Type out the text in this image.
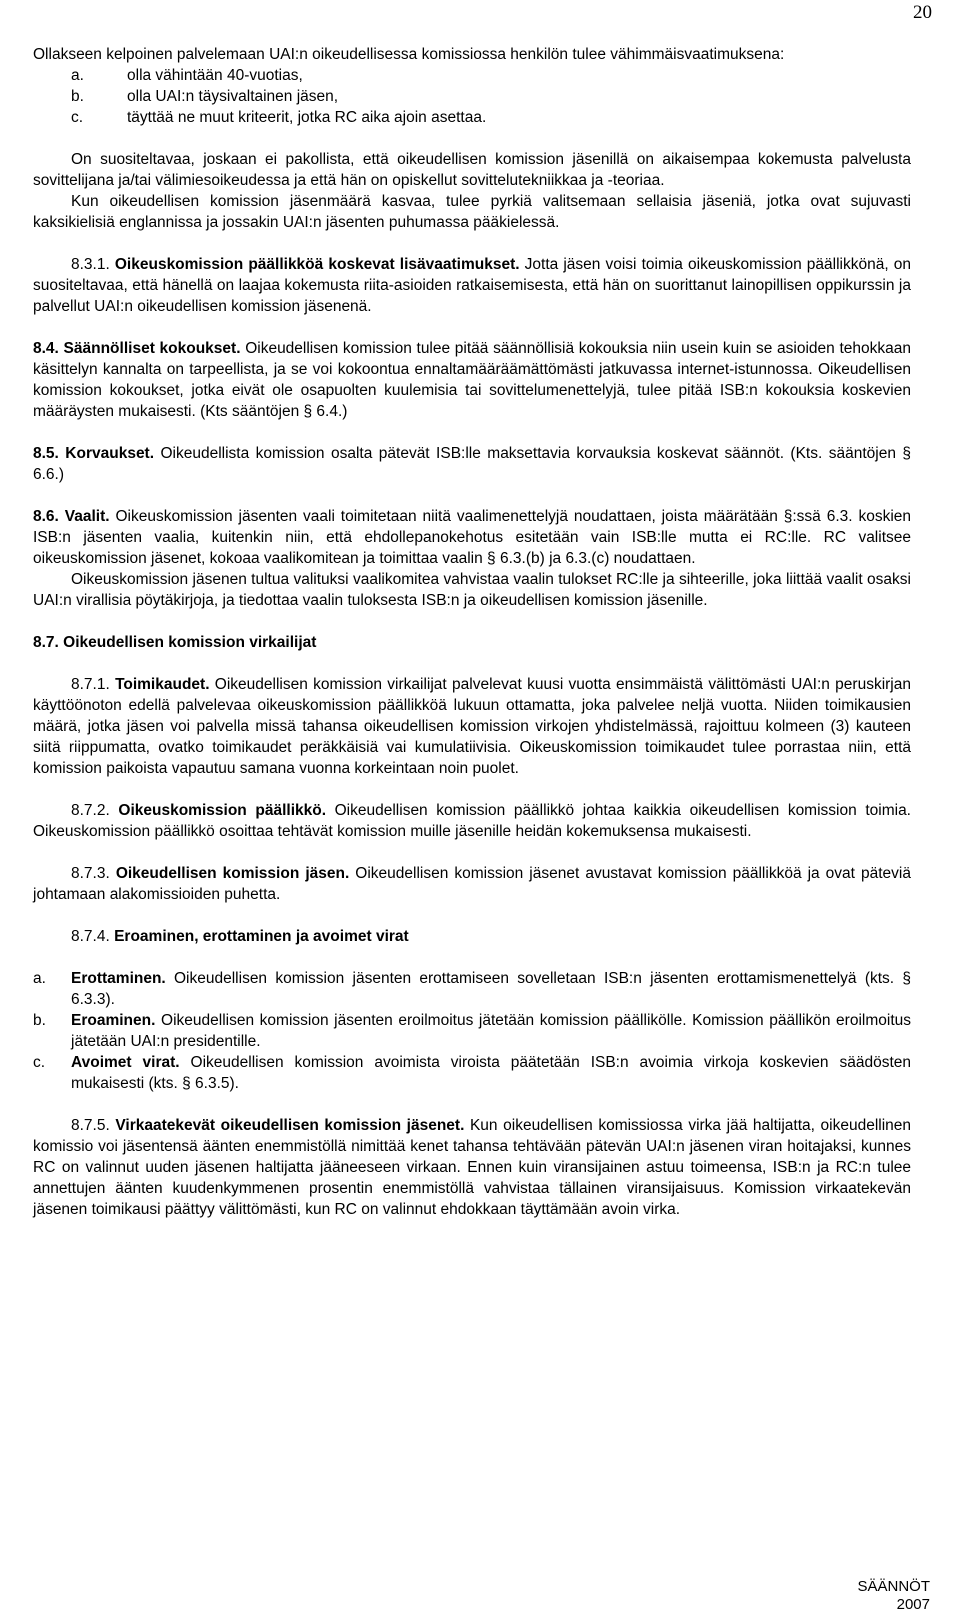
20

Ollakseen kelpoinen palvelemaan UAI:n oikeudellisessa komissiossa henkilön tulee vähimmäisvaatimuksena:

a.	olla vähintään 40-vuotias,
b.	olla UAI:n täysivaltainen jäsen,
c.	täyttää ne muut kriteerit, jotka RC aika ajoin asettaa.

On suositeltavaa, joskaan ei pakollista, että oikeudellisen komission jäsenillä on aikaisempaa kokemusta palvelusta sovittelijana ja/tai välimiesoikeudessa ja että hän on opiskellut sovittelutekniikkaa ja -teoriaa.

Kun oikeudellisen komission jäsenmäärä kasvaa, tulee pyrkiä valitsemaan sellaisia jäseniä, jotka ovat sujuvasti kaksikielisiä englannissa ja jossakin UAI:n jäsenten puhumassa pääkielessä.

8.3.1. Oikeuskomission päällikköä koskevat lisävaatimukset. Jotta jäsen voisi toimia oikeuskomission päällikkönä, on suositeltavaa, että hänellä on laajaa kokemusta riita-asioiden ratkaisemisesta, että hän on suorittanut lainopillisen oppikurssin ja palvellut UAI:n oikeudellisen komission jäsenenä.

8.4. Säännölliset kokoukset. Oikeudellisen komission tulee pitää säännöllisiä kokouksia niin usein kuin se asioiden tehokkaan käsittelyn kannalta on tarpeellista, ja se voi kokoontua ennaltamääräämättömästi jatkuvassa internet-istunnossa. Oikeudellisen komission kokoukset, jotka eivät ole osapuolten kuulemisia tai sovittelumenettelyjä, tulee pitää ISB:n kokouksia koskevien määräysten mukaisesti. (Kts sääntöjen § 6.4.)

8.5. Korvaukset. Oikeudellista komission osalta pätevät ISB:lle maksettavia korvauksia koskevat säännöt. (Kts. sääntöjen § 6.6.)

8.6. Vaalit. Oikeuskomission jäsenten vaali toimitetaan niitä vaalimenettelyjä noudattaen, joista määrätään §:ssä 6.3. koskien ISB:n jäsenten vaalia, kuitenkin niin, että ehdollepanokehotus esitetään vain ISB:lle mutta ei RC:lle. RC valitsee oikeuskomission jäsenet, kokoaa vaalikomitean ja toimittaa vaalin § 6.3.(b) ja 6.3.(c) noudattaen.

Oikeuskomission jäsenen tultua valituksi vaalikomitea vahvistaa vaalin tulokset RC:lle ja sihteerille, joka liittää vaalit osaksi UAI:n virallisia pöytäkirjoja, ja tiedottaa vaalin tuloksesta ISB:n ja oikeudellisen komission jäsenille.

8.7. Oikeudellisen komission virkailijat

8.7.1. Toimikaudet. Oikeudellisen komission virkailijat palvelevat kuusi vuotta ensimmäistä välittömästi UAI:n peruskirjan käyttöönoton edellä palvelevaa oikeuskomission päällikköä lukuun ottamatta, joka palvelee neljä vuotta. Niiden toimikausien määrä, jotka jäsen voi palvella missä tahansa oikeudellisen komission virkojen yhdistelmässä, rajoittuu kolmeen (3) kauteen siitä riippumatta, ovatko toimikaudet peräkkäisiä vai kumulatiivisia. Oikeuskomission toimikaudet tulee porrastaa niin, että komission paikoista vapautuu samana vuonna korkeintaan noin puolet.

8.7.2. Oikeuskomission päällikkö. Oikeudellisen komission päällikkö johtaa kaikkia oikeudellisen komission toimia. Oikeuskomission päällikkö osoittaa tehtävät komission muille jäsenille heidän kokemuksensa mukaisesti.

8.7.3. Oikeudellisen komission jäsen. Oikeudellisen komission jäsenet avustavat komission päällikköä ja ovat päteviä johtamaan alakomissioiden puhetta.

8.7.4. Eroaminen, erottaminen ja avoimet virat

a.	Erottaminen. Oikeudellisen komission jäsenten erottamiseen sovelletaan ISB:n jäsenten erottamismenettelyä (kts. § 6.3.3).
b.	Eroaminen. Oikeudellisen komission jäsenten eroilmoitus jätetään komission päällikölle. Komission päällikön eroilmoitus jätetään UAI:n presidentille.
c.	Avoimet virat. Oikeudellisen komission avoimista viroista päätetään ISB:n avoimia virkoja koskevien säädösten mukaisesti (kts. § 6.3.5).

8.7.5. Virkaatekevät oikeudellisen komission jäsenet. Kun oikeudellisen komissiossa virka jää haltijatta, oikeudellinen komissio voi jäsentensä äänten enemmistöllä nimittää kenet tahansa tehtävään pätevän UAI:n jäsenen viran hoitajaksi, kunnes RC on valinnut uuden jäsenen haltijatta jääneeseen virkaan. Ennen kuin viransijainen astuu toimeensa, ISB:n ja RC:n tulee annettujen äänten kuudenkymmenen prosentin enemmistöllä vahvistaa tällainen viransijaisuus. Komission virkaatekevän jäsenen toimikausi päättyy välittömästi, kun RC on valinnut ehdokkaan täyttämään avoin virka.

SÄÄNNÖT
2007
